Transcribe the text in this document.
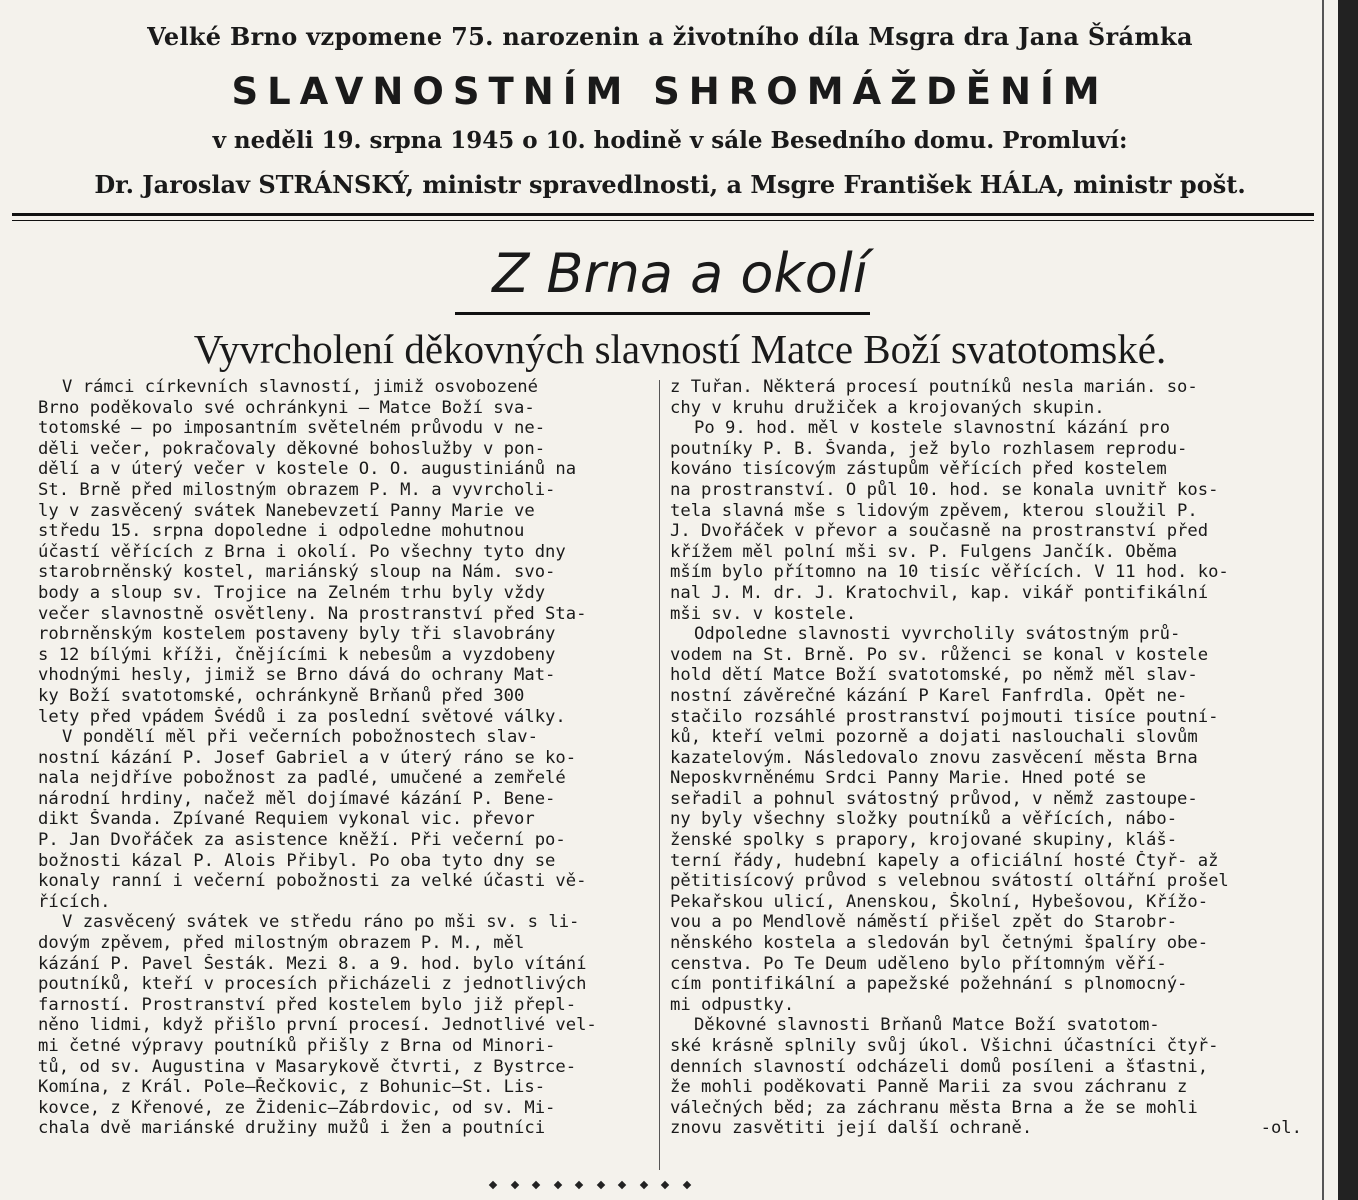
Velké Brno vzpomene 75. narozenin a životního díla Msgra dra Jana Šrámka
SLAVNOSTNÍM SHROMÁŽDĚNÍM
v neděli 19. srpna 1945 o 10. hodině v sále Besedního domu. Promluví:
Dr. Jaroslav STRÁNSKÝ, ministr spravedlnosti, a Msgre František HÁLA, ministr pošt.
Z Brna a okolí
Vyvrcholení děkovných slavností Matce Boží svatotomské.
V rámci církevních slavností, jimiž osvobozené
Brno poděkovalo své ochránkyni — Matce Boží sva-
totomské — po imposantním světelném průvodu v ne-
děli večer, pokračovaly děkovné bohoslužby v pon-
dělí a v úterý večer v kostele O. O. augustiniánů na
St. Brně před milostným obrazem P. M. a vyvrcholi-
ly v zasvěcený svátek Nanebevzetí Panny Marie ve
středu 15. srpna dopoledne i odpoledne mohutnou
účastí věřících z Brna i okolí. Po všechny tyto dny
starobrněnský kostel, mariánský sloup na Nám. svo-
body a sloup sv. Trojice na Zelném trhu byly vždy
večer slavnostně osvětleny. Na prostranství před Sta-
robrněnským kostelem postaveny byly tři slavobrány
s 12 bílými kříži, čnějícími k nebesům a vyzdobeny
vhodnými hesly, jimiž se Brno dává do ochrany Mat-
ky Boží svatotomské, ochránkyně Brňanů před 300
lety před vpádem Švédů i za poslední světové války.
V pondělí měl při večerních pobožnostech slav-
nostní kázání P. Josef Gabriel a v úterý ráno se ko-
nala nejdříve pobožnost za padlé, umučené a zemřelé
národní hrdiny, načež měl dojímavé kázání P. Bene-
dikt Švanda. Zpívané Requiem vykonal vic. převor
P. Jan Dvořáček za asistence kněží. Při večerní po-
božnosti kázal P. Alois Přibyl. Po oba tyto dny se
konaly ranní i večerní pobožnosti za velké účasti vě-
řících.
V zasvěcený svátek ve středu ráno po mši sv. s li-
dovým zpěvem, před milostným obrazem P. M., měl
kázání P. Pavel Šesták. Mezi 8. a 9. hod. bylo vítání
poutníků, kteří v procesích přicházeli z jednotlivých
farností. Prostranství před kostelem bylo již přepl-
něno lidmi, když přišlo první procesí. Jednotlivé vel-
mi četné výpravy poutníků přišly z Brna od Minori-
tů, od sv. Augustina v Masarykově čtvrti, z Bystrce-
Komína, z Král. Pole—Řečkovic, z Bohunic—St. Lis-
kovce, z Křenové, ze Židenic—Zábrdovic, od sv. Mi-
chala dvě mariánské družiny mužů i žen a poutníci
z Tuřan. Některá procesí poutníků nesla marián. so-
chy v kruhu družiček a krojovaných skupin.
Po 9. hod. měl v kostele slavnostní kázání pro
poutníky P. B. Švanda, jež bylo rozhlasem reprodu-
kováno tisícovým zástupům věřících před kostelem
na prostranství. O půl 10. hod. se konala uvnitř kos-
tela slavná mše s lidovým zpěvem, kterou sloužil P.
J. Dvořáček v převor a současně na prostranství před
křížem měl polní mši sv. P. Fulgens Jančík. Oběma
mším bylo přítomno na 10 tisíc věřících. V 11 hod. ko-
nal J. M. dr. J. Kratochvil, kap. vikář pontifikální
mši sv. v kostele.
Odpoledne slavnosti vyvrcholily svátostným prů-
vodem na St. Brně. Po sv. růženci se konal v kostele
hold dětí Matce Boží svatotomské, po němž měl slav-
nostní závěrečné kázání P Karel Fanfrdla. Opět ne-
stačilo rozsáhlé prostranství pojmouti tisíce poutní-
ků, kteří velmi pozorně a dojati naslouchali slovům
kazatelovým. Následovalo znovu zasvěcení města Brna
Neposkvrněnému Srdci Panny Marie. Hned poté se
seřadil a pohnul svátostný průvod, v němž zastoupe-
ny byly všechny složky poutníků a věřících, nábo-
ženské spolky s prapory, krojované skupiny, kláš-
terní řády, hudební kapely a oficiální hosté Čtyř- až
pětitisícový průvod s velebnou svátostí oltářní prošel
Pekařskou ulicí, Anenskou, Školní, Hybešovou, Křížo-
vou a po Mendlově náměstí přišel zpět do Starobr-
něnského kostela a sledován byl četnými špalíry obe-
censtva. Po Te Deum uděleno bylo přítomným věří-
cím pontifikální a papežské požehnání s plnomocný-
mi odpustky.
Děkovné slavnosti Brňanů Matce Boží svatotom-
ské krásně splnily svůj úkol. Všichni účastníci čtyř-
denních slavností odcházeli domů posíleni a šťastni,
že mohli poděkovati Panně Marii za svou záchranu z
válečných běd; za záchranu města Brna a že se mohli
znovu zasvětiti její další ochraně.	-ol.
